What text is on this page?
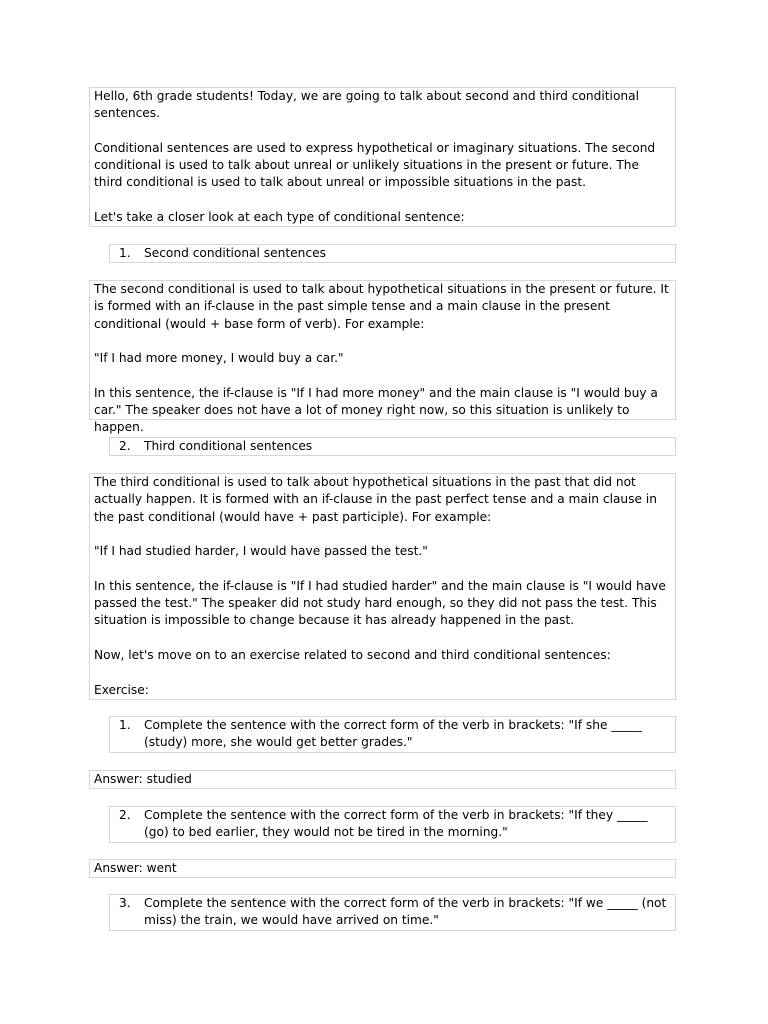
Hello, 6th grade students! Today, we are going to talk about second and third conditional sentences.

Conditional sentences are used to express hypothetical or imaginary situations. The second conditional is used to talk about unreal or unlikely situations in the present or future. The third conditional is used to talk about unreal or impossible situations in the past.

Let's take a closer look at each type of conditional sentence:

1.	Second conditional sentences

The second conditional is used to talk about hypothetical situations in the present or future. It is formed with an if-clause in the past simple tense and a main clause in the present conditional (would + base form of verb). For example:

"If I had more money, I would buy a car."

In this sentence, the if-clause is "If I had more money" and the main clause is "I would buy a car." The speaker does not have a lot of money right now, so this situation is unlikely to happen.

2.	Third conditional sentences

The third conditional is used to talk about hypothetical situations in the past that did not actually happen. It is formed with an if-clause in the past perfect tense and a main clause in the past conditional (would have + past participle). For example:

"If I had studied harder, I would have passed the test."

In this sentence, the if-clause is "If I had studied harder" and the main clause is "I would have passed the test." The speaker did not study hard enough, so they did not pass the test. This situation is impossible to change because it has already happened in the past.

Now, let's move on to an exercise related to second and third conditional sentences:

Exercise:

1.	Complete the sentence with the correct form of the verb in brackets: "If she _____ (study) more, she would get better grades."
Answer: studied
2.	Complete the sentence with the correct form of the verb in brackets: "If they _____ (go) to bed earlier, they would not be tired in the morning."
Answer: went
3.	Complete the sentence with the correct form of the verb in brackets: "If we _____ (not miss) the train, we would have arrived on time."
